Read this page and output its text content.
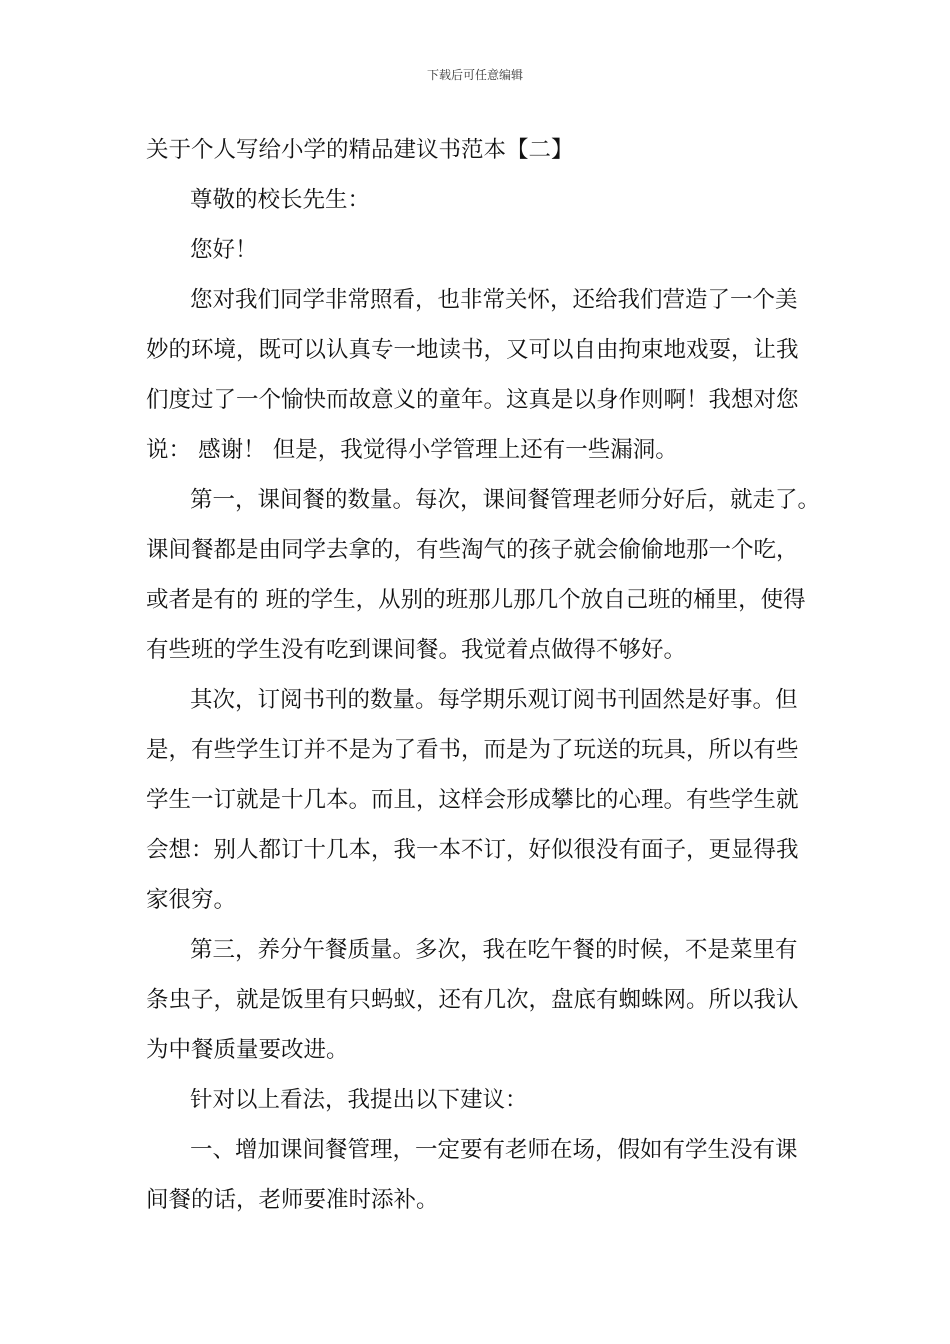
下载后可任意编辑
关于个人写给小学的精品建议书范本【二】
尊敬的校长先生：
您好！
您对我们同学非常照看，也非常关怀，还给我们营造了一个美
妙的环境，既可以认真专一地读书，又可以自由拘束地戏耍，让我
们度过了一个愉快而故意义的童年。这真是以身作则啊！我想对您
说： 感谢！ 但是，我觉得小学管理上还有一些漏洞。
第一，课间餐的数量。每次，课间餐管理老师分好后，就走了。
课间餐都是由同学去拿的，有些淘气的孩子就会偷偷地那一个吃，
或者是有的 班的学生，从别的班那儿那几个放自己班的桶里，使得
有些班的学生没有吃到课间餐。我觉着点做得不够好。
其次，订阅书刊的数量。每学期乐观订阅书刊固然是好事。但
是，有些学生订并不是为了看书，而是为了玩送的玩具，所以有些
学生一订就是十几本。而且，这样会形成攀比的心理。有些学生就
会想：别人都订十几本，我一本不订，好似很没有面子，更显得我
家很穷。
第三，养分午餐质量。多次，我在吃午餐的时候，不是菜里有
条虫子，就是饭里有只蚂蚁，还有几次，盘底有蜘蛛网。所以我认
为中餐质量要改进。
针对以上看法，我提出以下建议：
一、增加课间餐管理，一定要有老师在场，假如有学生没有课
间餐的话，老师要准时添补。
